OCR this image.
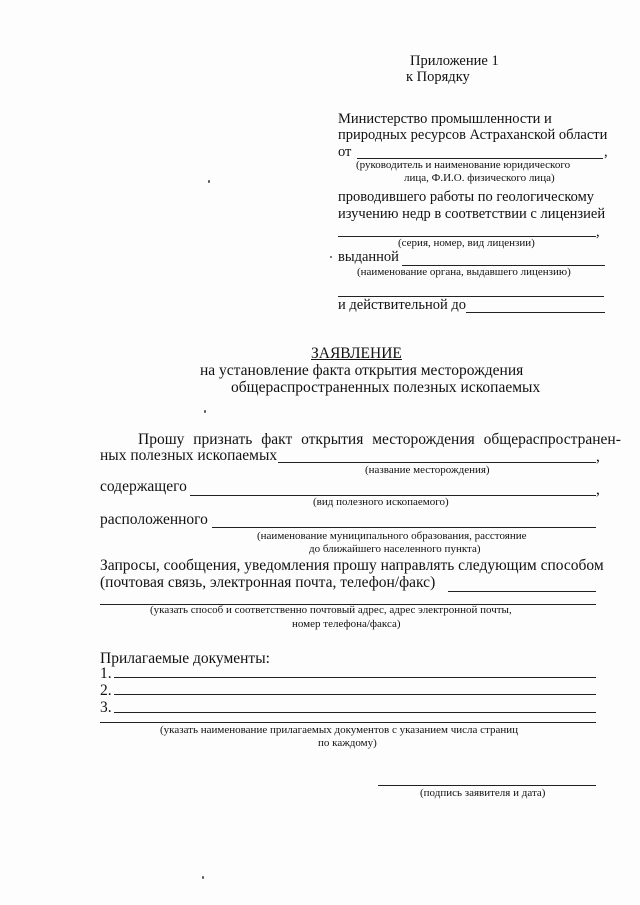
Приложение 1
к Порядку
Министерство промышленности и
природных ресурсов Астраханской области
от	,
(руководитель и наименование юридического
лица, Ф.И.О. физического лица)
проводившего работы по геологическому
изучению недр в соответствии с лицензией
,
(серия, номер, вид лицензии)
выданной
(наименование органа, выдавшего лицензию)
и действительной до
ЗАЯВЛЕНИЕ
на установление факта открытия месторождения
общераспространенных полезных ископаемых
Прошу признать факт открытия месторождения общераспространен-
ных полезных ископаемых	,
(название месторождения)
содержащего	,
(вид полезного ископаемого)
расположенного
(наименование муниципального образования, расстояние
до ближайшего населенного пункта)
Запросы, сообщения, уведомления прошу направлять следующим способом
(почтовая связь, электронная почта, телефон/факс)
(указать способ и соответственно почтовый адрес, адрес электронной почты,
номер телефона/факса)
Прилагаемые документы:
1.
2.
3.
(указать наименование прилагаемых документов с указанием числа страниц
по каждому)
(подпись заявителя и дата)
